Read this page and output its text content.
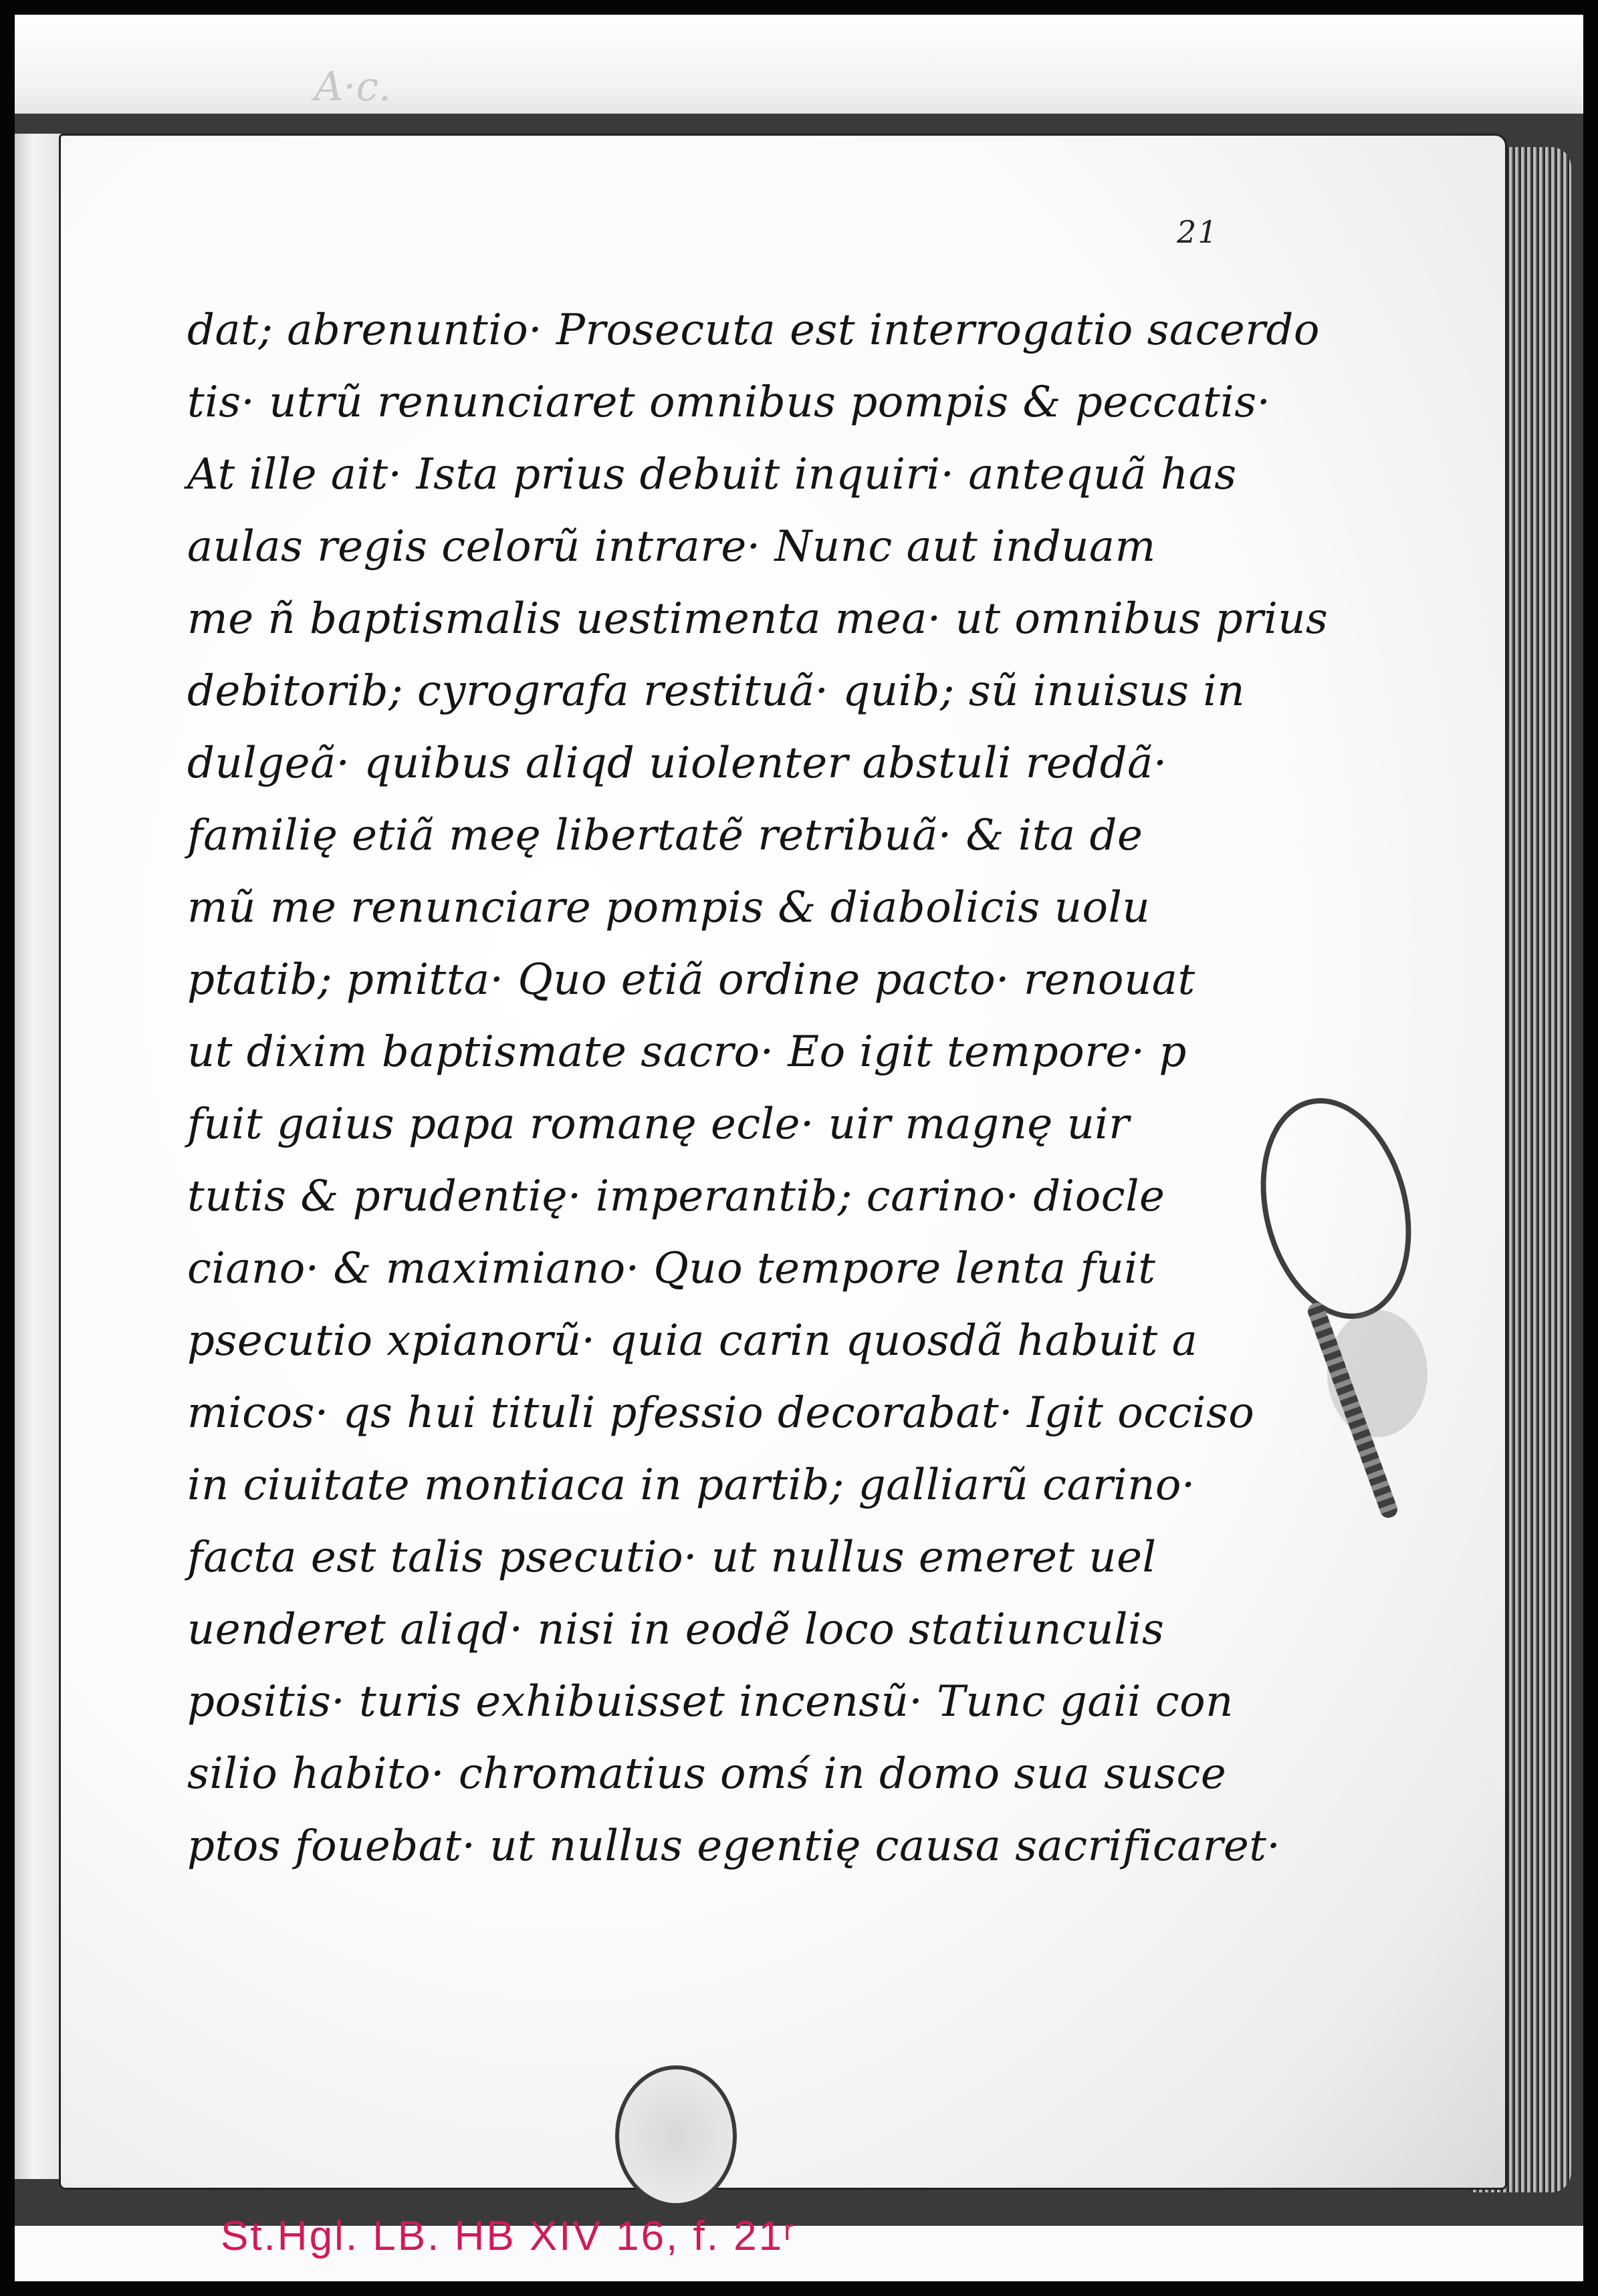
A·c.
21
dat; abrenuntio· Prosecuta est interrogatio sacerdo
tis· utrũ renunciaret omnibus pompis & peccatis·
At ille ait· Ista prius debuit inquiri· antequã has
aulas regis celorũ intrare· Nunc aut induam
me ñ baptismalis uestimenta mea· ut omnibus prius
debitorib; cyrografa restituã· quib; sũ inuisus in
dulgeã· quibus aliqd uiolenter abstuli reddã·
familię etiã meę libertatẽ retribuã· & ita de
mũ me renunciare pompis & diabolicis uolu
ptatib; pmitta· Quo etiã ordine pacto· renouat
ut dixim baptismate sacro· Eo igit tempore· p
fuit gaius papa romanę ecle· uir magnę uir
tutis & prudentię· imperantib; carino· diocle
ciano· & maximiano· Quo tempore lenta fuit
psecutio xpianorũ· quia carin quosdã habuit a
micos· qs hui tituli pfessio decorabat· Igit occiso
in ciuitate montiaca in partib; galliarũ carino·
facta est talis psecutio· ut nullus emeret uel
uenderet aliqd· nisi in eodẽ loco statiunculis
positis· turis exhibuisset incensũ· Tunc gaii con
silio habito· chromatius omś in domo sua susce
ptos fouebat· ut nullus egentię causa sacrificaret·
St.Hgl. LB. HB XIV 16, f. 21ʳ
